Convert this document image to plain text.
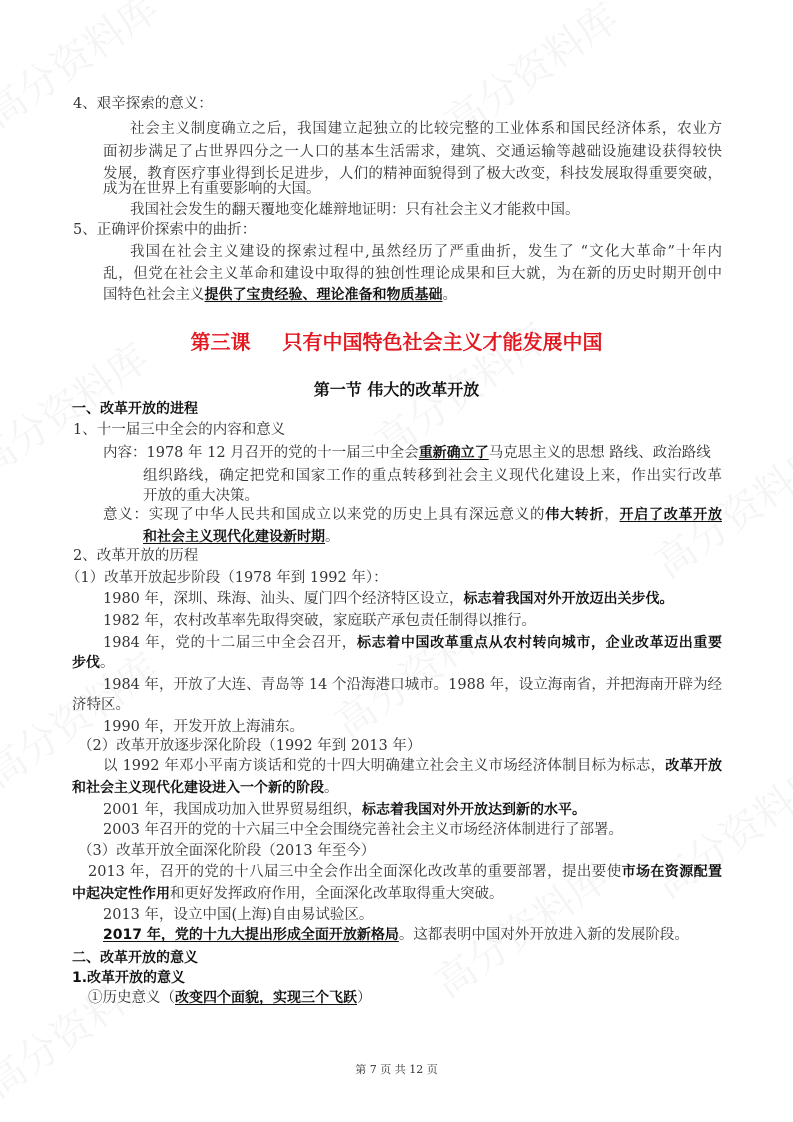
第三课 只有中国特色社会主义才能发展中国
第一节 伟大的改革开放
4、艰辛探索的意义：
社会主义制度确立之后，我国建立起独立的比较完整的工业体系和国民经济体系，农业方
面初步满足了占世界四分之一人口的基本生活需求，建筑、交通运输等越础设施建设获得较快
发展，教育医疗事业得到长足进步，人们的精神面貌得到了极大改变，科技发展取得重要突破，
成为在世界上有重要影响的大国。
我国社会发生的翻天覆地变化雄辩地证明：只有社会主义才能救中国。
5、正确评价探索中的曲折：
我国在社会主义建设的探索过程中,虽然经历了严重曲折，发生了 “文化大革命”十年内
乱，但党在社会主义革命和建设中取得的独创性理论成果和巨大就，为在新的历史时期开创中
国特色社会主义提供了宝贵经验、理论准备和物质基础。
一、改革开放的进程
1、十一届三中全会的内容和意义
内容：1978 年 12 月召开的党的十一届三中全会重新确立了马克思主义的思想 路线、政治路线
组织路线，确定把党和国家工作的重点转移到社会主义现代化建设上来，作出实行改革
开放的重大决策。
意义：实现了中华人民共和国成立以来党的历史上具有深远意义的伟大转折，开启了改革开放
和社会主义现代化建设新时期。
2、改革开放的历程
（1）改革开放起步阶段（1978 年到 1992 年）：
1980 年，深圳、珠海、汕头、厦门四个经济特区设立，标志着我国对外开放迈出关步伐。
1982 年，农村改革率先取得突破，家庭联产承包责任制得以推行。
1984 年，党的十二届三中全会召开，标志着中国改革重点从农村转向城市，企业改革迈出重要
步伐。
1984 年，开放了大连、青岛等 14 个沿海港口城市。1988 年，设立海南省，并把海南开辟为经
济特区。
1990 年，开发开放上海浦东。
（2）改革开放逐步深化阶段（1992 年到 2013 年）
以 1992 年邓小平南方谈话和党的十四大明确建立社会主义市场经济体制目标为标志，改革开放
和社会主义现代化建设进入一个新的阶段。
2001 年，我国成功加入世界贸易组织，标志着我国对外开放达到新的水平。
2003 年召开的党的十六届三中全会围绕完善社会主义市场经济体制进行了部署。
（3）改革开放全面深化阶段（2013 年至今）
2013 年，召开的党的十八届三中全会作出全面深化改改革的重要部署，提出要使市场在资源配置
中起决定性作用和更好发挥政府作用，全面深化改革取得重大突破。
2013 年，设立中国(上海)自由易试验区。
2017 年，党的十九大提出形成全面开放新格局。这都表明中国对外开放进入新的发展阶段。
二、改革开放的意义
1.改革开放的意义
①历史意义（改变四个面貌，实现三个飞跃）
第 7 页 共 12 页
